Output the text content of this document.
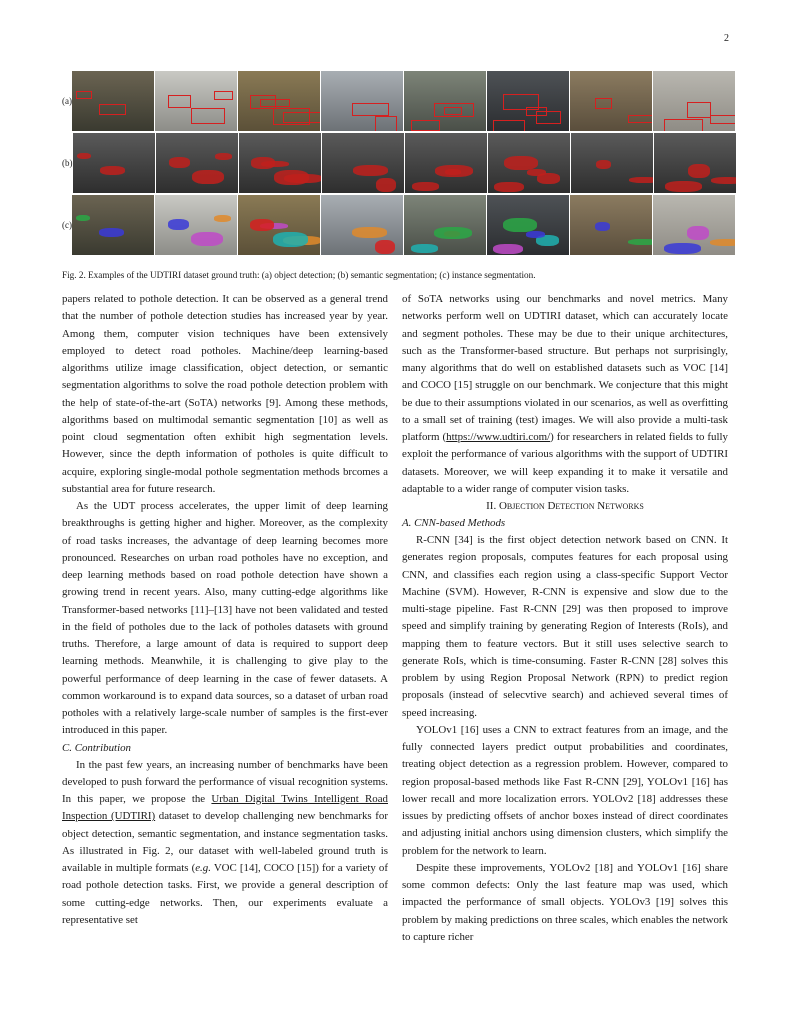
2
(a)
(b)
(c)
Fig. 2. Examples of the UDTIRI dataset ground truth: (a) object detection; (b) semantic segmentation; (c) instance segmentation.

papers related to pothole detection. It can be observed as a general trend that the number of pothole detection studies has increased year by year. Among them, computer vision techniques have been extensively employed to detect road potholes. Machine/deep learning-based algorithms utilize image classification, object detection, or semantic segmentation algorithms to solve the road pothole detection problem with the help of state-of-the-art (SoTA) networks [9]. Among these methods, algorithms based on multimodal semantic segmentation [10] as well as point cloud segmentation often exhibit high segmentation levels. However, since the depth information of potholes is quite difficult to acquire, exploring single-modal pothole segmentation methods brcomes a substantial area for future research.

As the UDT process accelerates, the upper limit of deep learning breakthroughs is getting higher and higher. Moreover, as the complexity of road tasks increases, the advantage of deep learning becomes more pronounced. Researches on urban road potholes have no exception, and deep learning methods based on road pothole detection have shown a growing trend in recent years. Also, many cutting-edge algorithms like Transformer-based networks [11]–[13] have not been validated and tested in the field of potholes due to the lack of potholes datasets with ground truths. Therefore, a large amount of data is required to support deep learning methods. Meanwhile, it is challenging to give play to the powerful performance of deep learning in the case of fewer datasets. A common workaround is to expand data sources, so a dataset of urban road potholes with a relatively large-scale number of samples is the first-ever introduced in this paper.

C. Contribution

In the past few years, an increasing number of benchmarks have been developed to push forward the performance of visual recognition systems. In this paper, we propose the Urban Digital Twins Intelligent Road Inspection (UDTIRI) dataset to develop challenging new benchmarks for object detection, semantic segmentation, and instance segmentation tasks. As illustrated in Fig. 2, our dataset with well-labeled ground truth is available in multiple formats (e.g. VOC [14], COCO [15]) for a variety of road pothole detection tasks. First, we provide a general description of some cutting-edge networks. Then, our experiments evaluate a representative set

of SoTA networks using our benchmarks and novel metrics. Many networks perform well on UDTIRI dataset, which can accurately locate and segment potholes. These may be due to their unique architectures, such as the Transformer-based structure. But perhaps not surprisingly, many algorithms that do well on established datasets such as VOC [14] and COCO [15] struggle on our benchmark. We conjecture that this might be due to their assumptions violated in our scenarios, as well as overfitting to a small set of training (test) images. We will also provide a multi-task platform (https://www.udtiri.com/) for researchers in related fields to fully exploit the performance of various algorithms with the support of UDTIRI datasets. Moreover, we will keep expanding it to make it versatile and adaptable to a wider range of computer vision tasks.

II. Objection Detection Networks

A. CNN-based Methods

R-CNN [34] is the first object detection network based on CNN. It generates region proposals, computes features for each proposal using CNN, and classifies each region using a class-specific Support Vector Machine (SVM). However, R-CNN is expensive and slow due to the multi-stage pipeline. Fast R-CNN [29] was then proposed to improve speed and simplify training by generating Region of Interests (RoIs), and mapping them to feature vectors. But it still uses selective search to generate RoIs, which is time-consuming. Faster R-CNN [28] solves this problem by using Region Proposal Network (RPN) to predict region proposals (instead of selecvtive search) and achieved several times of speed increasing.

YOLOv1 [16] uses a CNN to extract features from an image, and the fully connected layers predict output probabilities and coordinates, treating object detection as a regression problem. However, compared to region proposal-based methods like Fast R-CNN [29], YOLOv1 [16] has lower recall and more localization errors. YOLOv2 [18] addresses these issues by predicting offsets of anchor boxes instead of direct coordinates and adjusting initial anchors using dimension clusters, which simplify the problem for the network to learn.

Despite these improvements, YOLOv2 [18] and YOLOv1 [16] share some common defects: Only the last feature map was used, which impacted the performance of small objects. YOLOv3 [19] solves this problem by making predictions on three scales, which enables the network to capture richer
